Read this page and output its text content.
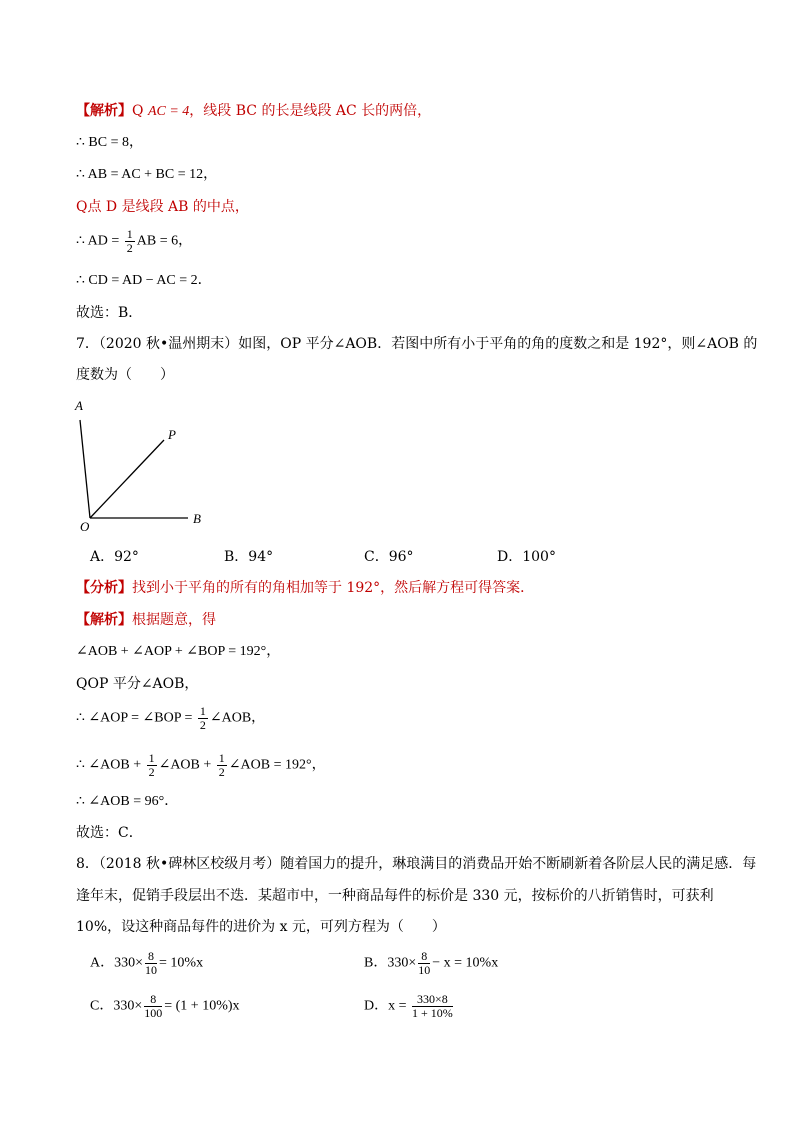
【解析】Q AC = 4，线段 BC 的长是线段 AC 长的两倍，
∴ BC = 8，
∴ AB = AC + BC = 12，
Q点 D 是线段 AB 的中点，
∴ AD = $\frac{1}{2}$ AB = 6，
∴ CD = AD − AC = 2．
故选：B．
7．（2020 秋•温州期末）如图，OP 平分∠AOB．若图中所有小于平角的角的度数之和是 192°，则∠AOB 的
度数为（　　）
A
P
O
B
A．92°	B．94°	C．96°	D．100°
【分析】找到小于平角的所有的角相加等于 192°，然后解方程可得答案．
【解析】根据题意，得
∠AOB + ∠AOP + ∠BOP = 192°，
QOP 平分∠AOB，
∴ ∠AOP = ∠BOP = $\frac{1}{2}$ ∠AOB，
∴ ∠AOB + $\frac{1}{2}$ ∠AOB + $\frac{1}{2}$ ∠AOB = 192°，
∴ ∠AOB = 96°．
故选：C．
8．（2018 秋•碑林区校级月考）随着国力的提升，琳琅满目的消费品开始不断刷新着各阶层人民的满足感．每
逢年末，促销手段层出不迭．某超市中，一种商品每件的标价是 330 元，按标价的八折销售时，可获利
10%，设这种商品每件的进价为 x 元，可列方程为（　　）
A．$330\times \frac{8}{10} = 10\%x$	B．$330\times \frac{8}{10} - x = 10\%x$
C．$330\times \frac{8}{100} = (1 + 10\%)x$	D．$x = \frac{330\times 8}{1 + 10\%}$
